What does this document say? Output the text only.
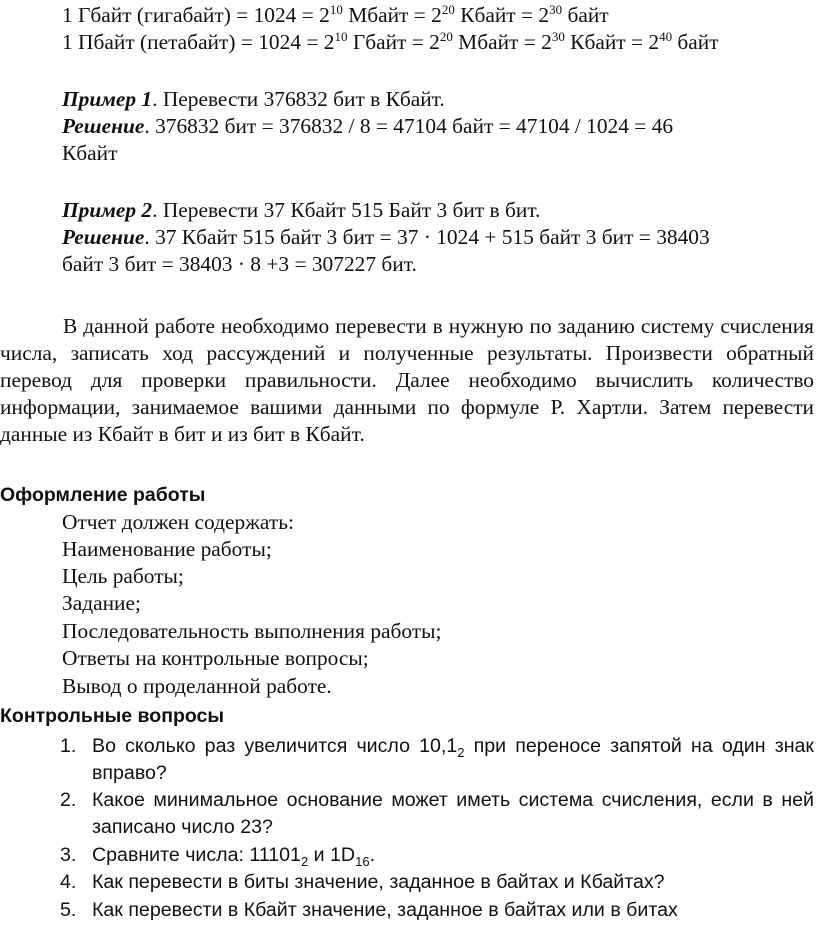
1 Гбайт (гигабайт) = $1024 = 2^{10}$ Мбайт = $2^{20}$ Кбайт = $2^{30}$ байт
1 Пбайт (петабайт) = $1024 = 2^{10}$ Гбайт = $2^{20}$ Мбайт = $2^{30}$ Кбайт = $2^{40}$ байт
Пример 1. Перевести 376832 бит в Кбайт.
Решение. 376832 бит = 376832 / 8 = 47104 байт = 47104 / 1024 = 46
Кбайт
Пример 2. Перевести 37 Кбайт 515 Байт 3 бит в бит.
Решение. 37 Кбайт 515 байт 3 бит = 37 · 1024 + 515 байт 3 бит = 38403
байт 3 бит = 38403 · 8 +3 = 307227 бит.

В данной работе необходимо перевести в нужную по заданию систему счисления числа, записать ход рассуждений и полученные результаты. Произвести обратный перевод для проверки правильности. Далее необходимо вычислить количество информации, занимаемое вашими данными по формуле Р. Хартли. Затем перевести данные из Кбайт в бит и из бит в Кбайт.

Оформление работы
Отчет должен содержать:
Наименование работы;
Цель работы;
Задание;
Последовательность выполнения работы;
Ответы на контрольные вопросы;
Вывод о проделанной работе.
Контрольные вопросы
1. Во сколько раз увеличится число $10,1_2$ при переносе запятой на один знак вправо?
2. Какое минимальное основание может иметь система счисления, если в ней записано число 23?
3. Сравните числа: $11101_2$ и $1D_{16}$.
4. Как перевести в биты значение, заданное в байтах и Кбайтах?
5. Как перевести в Кбайт значение, заданное в байтах или в битах
